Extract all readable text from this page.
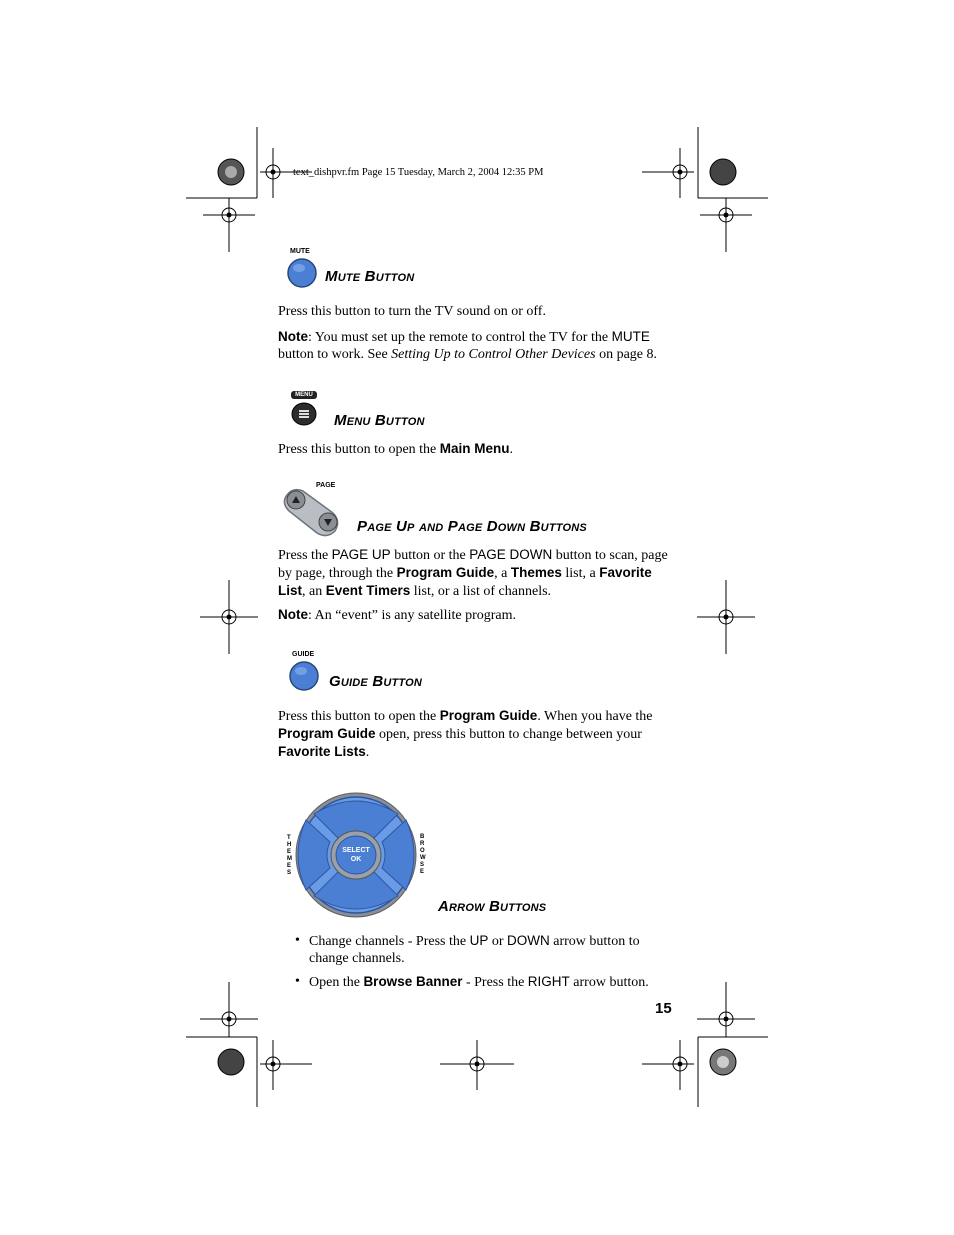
text_dishpvr.fm Page 15 Tuesday, March 2, 2004 12:35 PM
MUTE
Mute Button
Press this button to turn the TV sound on or off.
Note: You must set up the remote to control the TV for the MUTE button to work. See Setting Up to Control Other Devices on page 8.
MENU
Menu Button
Press this button to open the Main Menu.
PAGE
Page Up and Page Down Buttons
Press the PAGE UP button or the PAGE DOWN button to scan, page by page, through the Program Guide, a Themes list, a Favorite List, an Event Timers list, or a list of channels.
Note: An “event” is any satellite program.
GUIDE
Guide Button
Press this button to open the Program Guide. When you have the Program Guide open, press this button to change between your Favorite Lists.
SELECT
OK
THEMES
BROWSE
Arrow Buttons
• Change channels - Press the UP or DOWN arrow button to change channels.
• Open the Browse Banner - Press the RIGHT arrow button.
15
